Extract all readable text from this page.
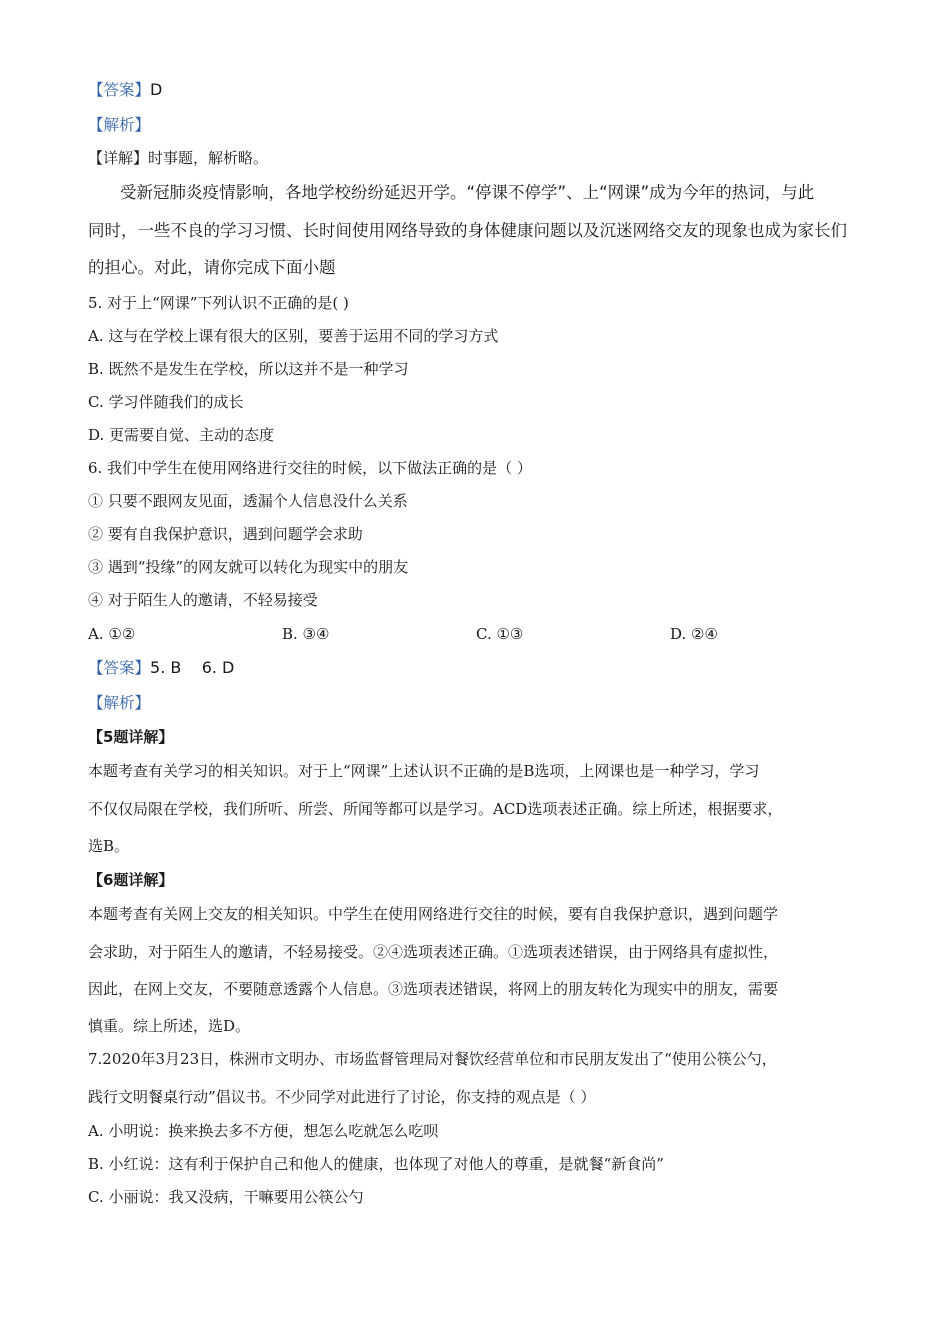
【答案】D
【解析】
【详解】时事题，解析略。
受新冠肺炎疫情影响，各地学校纷纷延迟开学。“停课不停学”、上“网课”成为今年的热词，与此
同时，一些不良的学习习惯、长时间使用网络导致的身体健康问题以及沉迷网络交友的现象也成为家长们
的担心。对此，请你完成下面小题
5. 对于上“网课”下列认识不正确的是( )
A. 这与在学校上课有很大的区别，要善于运用不同的学习方式
B. 既然不是发生在学校，所以这并不是一种学习
C. 学习伴随我们的成长
D. 更需要自觉、主动的态度
6. 我们中学生在使用网络进行交往的时候，以下做法正确的是（ ）
① 只要不跟网友见面，透漏个人信息没什么关系
② 要有自我保护意识，遇到问题学会求助
③ 遇到“投缘”的网友就可以转化为现实中的朋友
④ 对于陌生人的邀请，不轻易接受
A. ①②	B. ③④	C. ①③	D. ②④
【答案】5. B    6. D
【解析】
【5题详解】
本题考查有关学习的相关知识。对于上“网课”上述认识不正确的是B选项，上网课也是一种学习，学习
不仅仅局限在学校，我们所听、所尝、所闻等都可以是学习。ACD选项表述正确。综上所述，根据要求，
选B。
【6题详解】
本题考查有关网上交友的相关知识。中学生在使用网络进行交往的时候，要有自我保护意识，遇到问题学
会求助，对于陌生人的邀请，不轻易接受。②④选项表述正确。①选项表述错误，由于网络具有虚拟性，
因此，在网上交友，不要随意透露个人信息。③选项表述错误，将网上的朋友转化为现实中的朋友，需要
慎重。综上所述，选D。
7.2020年3月23日，株洲市文明办、市场监督管理局对餐饮经营单位和市民朋友发出了“使用公筷公勺，
践行文明餐桌行动”倡议书。不少同学对此进行了讨论，你支持的观点是（ ）
A. 小明说：换来换去多不方便，想怎么吃就怎么吃呗
B. 小红说：这有利于保护自己和他人的健康，也体现了对他人的尊重，是就餐“新食尚”
C. 小丽说：我又没病，干嘛要用公筷公勺
